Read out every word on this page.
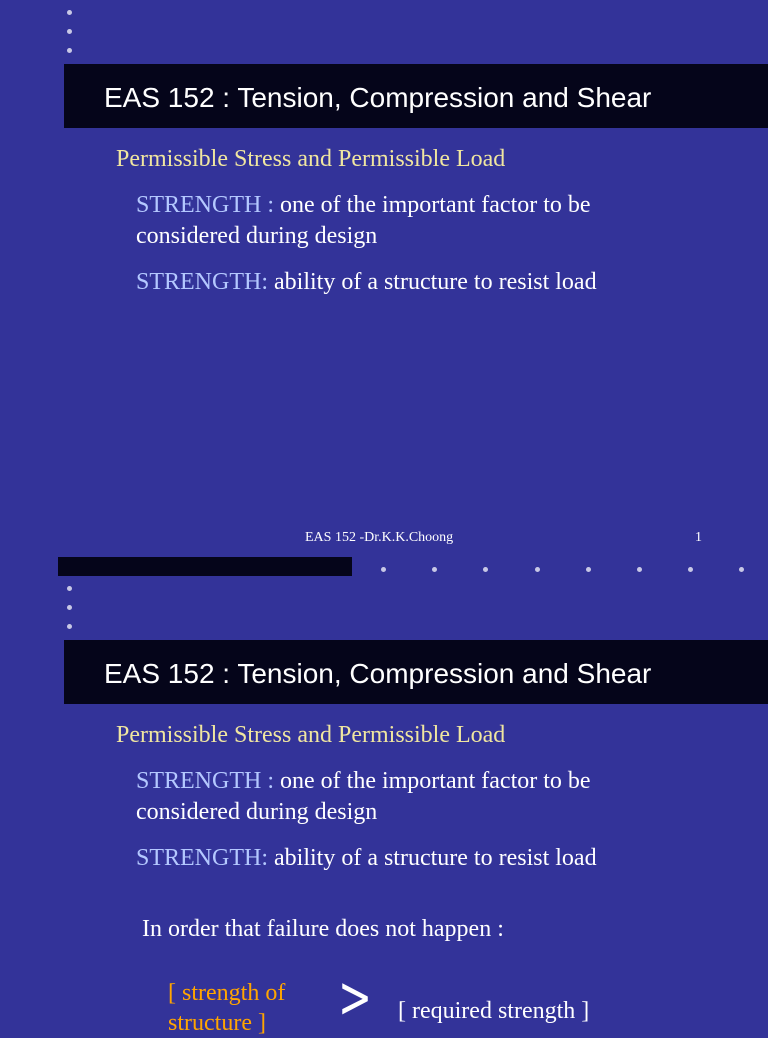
EAS 152 : Tension, Compression and Shear
Permissible Stress and Permissible Load
STRENGTH : one of the important factor to be considered during design
STRENGTH: ability of a structure to resist load
EAS 152 -Dr.K.K.Choong	1
EAS 152 : Tension, Compression and Shear
Permissible Stress and Permissible Load
STRENGTH : one of the important factor to be considered during design
STRENGTH: ability of a structure to resist load
In order that failure does not happen :
[ strength of structure ]	> [ required strength ]
